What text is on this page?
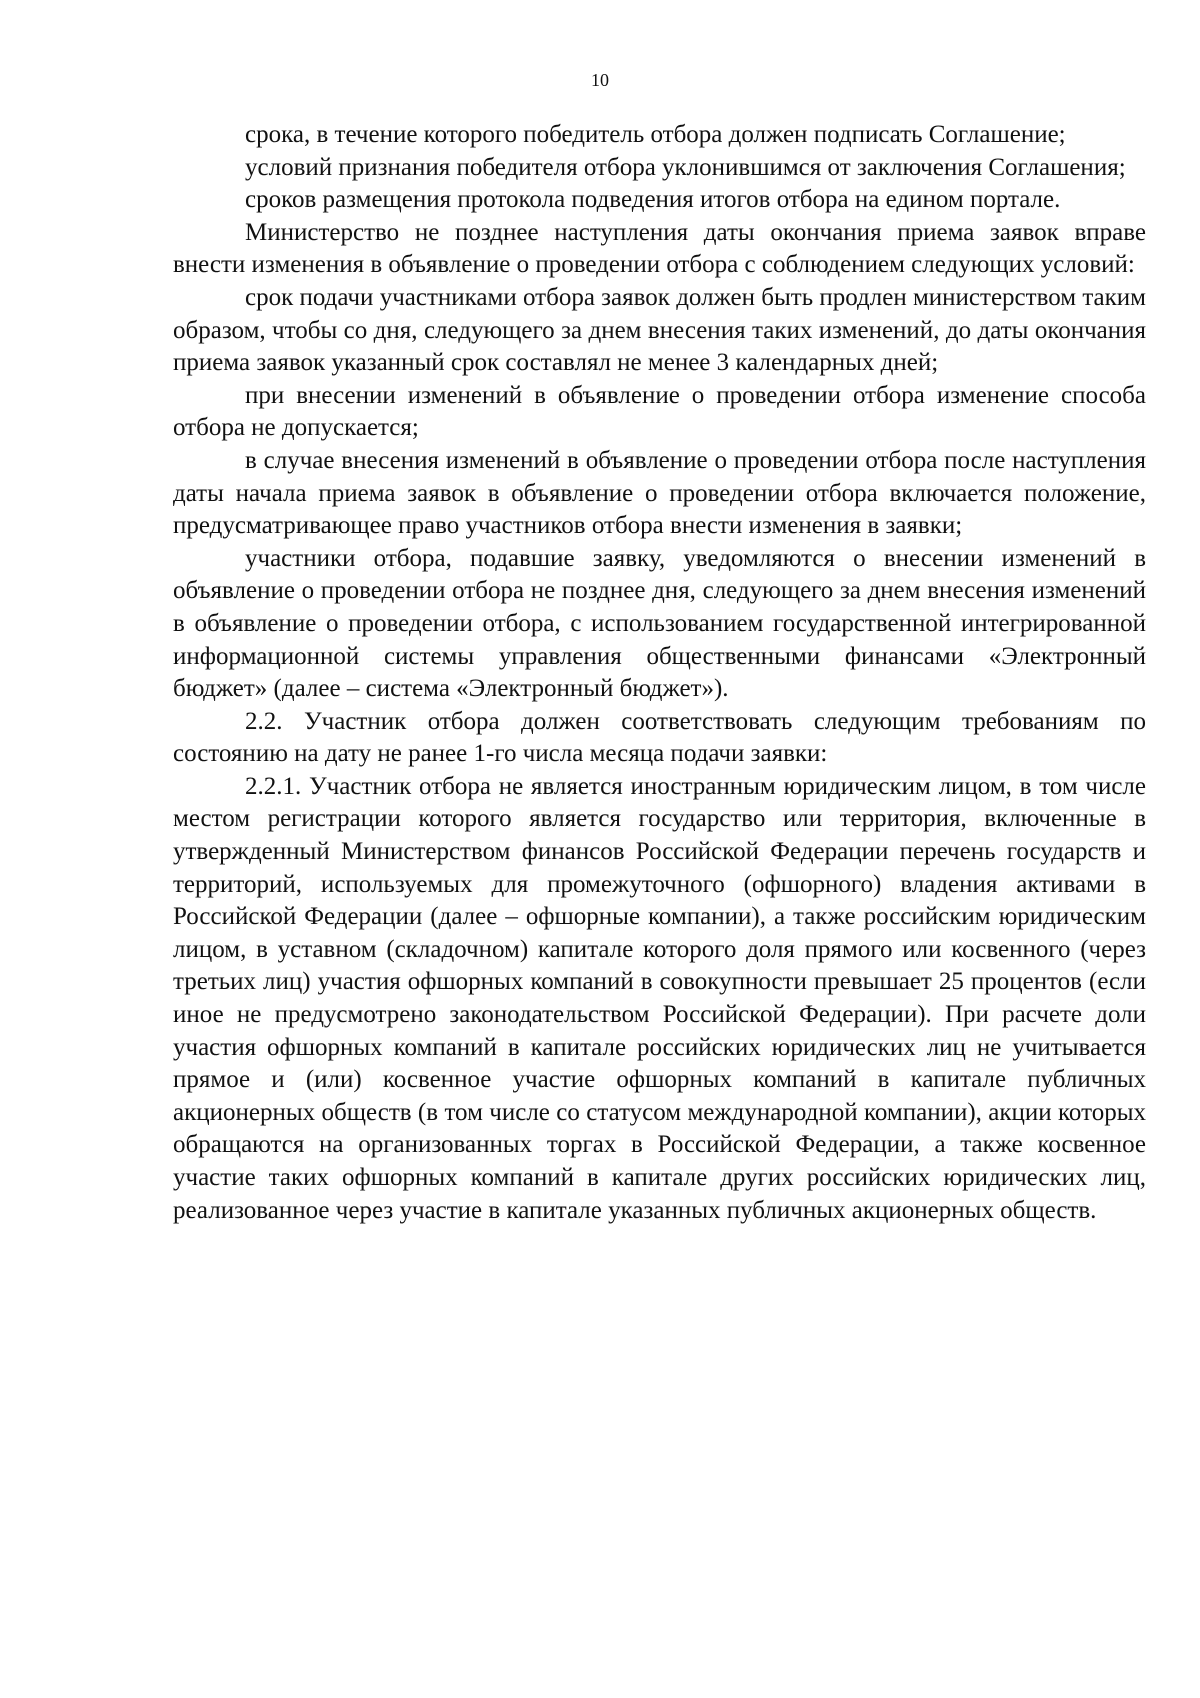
10

срока, в течение которого победитель отбора должен подписать Соглашение;

условий признания победителя отбора уклонившимся от заключения Соглашения;

сроков размещения протокола подведения итогов отбора на едином портале.

Министерство не позднее наступления даты окончания приема заявок вправе внести изменения в объявление о проведении отбора с соблюдением следующих условий:

срок подачи участниками отбора заявок должен быть продлен министерством таким образом, чтобы со дня, следующего за днем внесения таких изменений, до даты окончания приема заявок указанный срок составлял не менее 3 календарных дней;

при внесении изменений в объявление о проведении отбора изменение способа отбора не допускается;

в случае внесения изменений в объявление о проведении отбора после наступления даты начала приема заявок в объявление о проведении отбора включается положение, предусматривающее право участников отбора внести изменения в заявки;

участники отбора, подавшие заявку, уведомляются о внесении изменений в объявление о проведении отбора не позднее дня, следующего за днем внесения изменений в объявление о проведении отбора, с использованием государственной интегрированной информационной системы управления общественными финансами «Электронный бюджет» (далее – система «Электронный бюджет»).

2.2. Участник отбора должен соответствовать следующим требованиям по состоянию на дату не ранее 1-го числа месяца подачи заявки:

2.2.1. Участник отбора не является иностранным юридическим лицом, в том числе местом регистрации которого является государство или территория, включенные в утвержденный Министерством финансов Российской Федерации перечень государств и территорий, используемых для промежуточного (офшорного) владения активами в Российской Федерации (далее – офшорные компании), а также российским юридическим лицом, в уставном (складочном) капитале которого доля прямого или косвенного (через третьих лиц) участия офшорных компаний в совокупности превышает 25 процентов (если иное не предусмотрено законодательством Российской Федерации). При расчете доли участия офшорных компаний в капитале российских юридических лиц не учитывается прямое и (или) косвенное участие офшорных компаний в капитале публичных акционерных обществ (в том числе со статусом международной компании), акции которых обращаются на организованных торгах в Российской Федерации, а также косвенное участие таких офшорных компаний в капитале других российских юридических лиц, реализованное через участие в капитале указанных публичных акционерных обществ.
